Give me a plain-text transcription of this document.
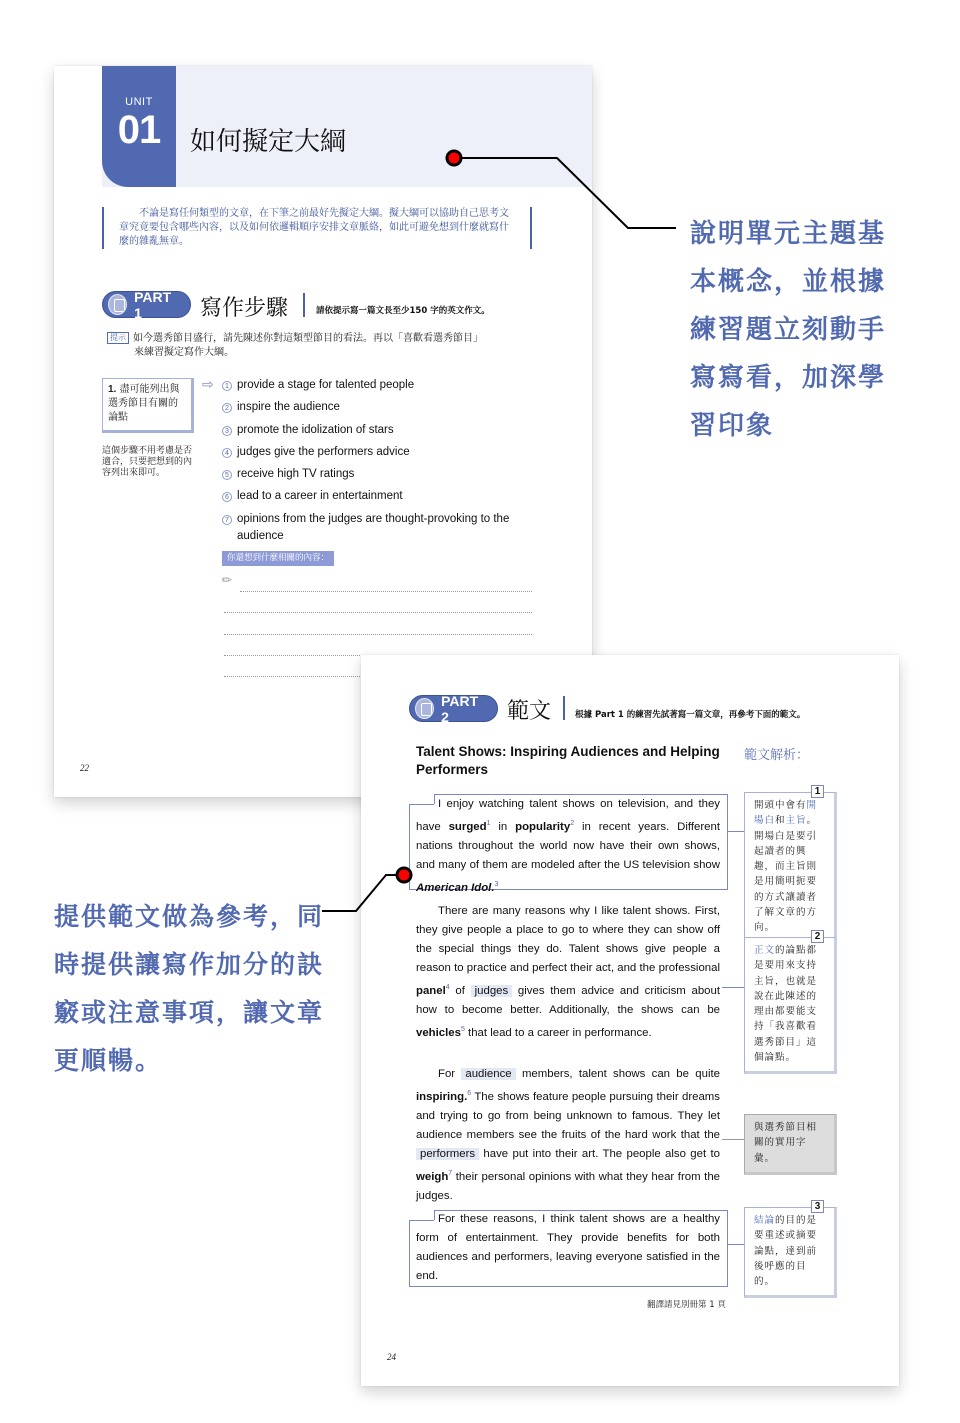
UNIT
01	如何擬定大綱

不論是寫任何類型的文章，在下筆之前最好先擬定大綱。擬大綱可以協助自己思考文章究竟要包含哪些內容，以及如何依邏輯順序安排文章脈絡，如此可避免想到什麼就寫什麼的雜亂無章。

PART 1	寫作步驟	請依提示寫一篇文長至少150 字的英文作文。
提示 如今選秀節目盛行，請先陳述你對這類型節目的看法。再以「喜歡看選秀節目」
來練習擬定寫作大綱。
1. 盡可能列出與選秀節目有關的論點
這個步驟不用考慮是否適合，只要把想到的內容列出來即可。
⇨	1 provide a stage for talented people
2 inspire the audience
3 promote the idolization of stars
4 judges give the performers advice
5 receive high TV ratings
6 lead to a career in entertainment
7 opinions from the judges are thought-provoking to the audience
你還想到什麼相關的內容：
✎
22
PART 2	範文	根據 Part 1 的練習先試著寫一篇文章，再參考下面的範文。
Talent Shows: Inspiring Audiences and Helping Performers
範文解析：
I enjoy watching talent shows on television, and they have surged$^1$ in popularity$^2$ in recent years. Different nations throughout the world now have their own shows, and many of them are modeled after the US television show American Idol.$^3$
There are many reasons why I like talent shows. First, they give people a place to go to where they can show off the special things they do. Talent shows give people a reason to practice and perfect their act, and the professional panel$^4$ of judges gives them advice and criticism about how to become better. Additionally, the shows can be vehicles$^5$ that lead to a career in performance.
For audience members, talent shows can be quite inspiring.$^6$ The shows feature people pursuing their dreams and trying to go from being unknown to famous. They let audience members see the fruits of the hard work that the performers have put into their art. The people also get to weigh$^7$ their personal opinions with what they hear from the judges.
For these reasons, I think talent shows are a healthy form of entertainment. They provide benefits for both audiences and performers, leaving everyone satisfied in the end.
1
開頭中會有開場白和主旨。開場白是要引起讀者的興趣，而主旨則是用簡明扼要的方式讓讀者了解文章的方向。
2
正文的論點都是要用來支持主旨，也就是說在此陳述的理由都要能支持「我喜歡看選秀節目」這個論點。
與選秀節目相關的實用字彙。
3
結論的目的是要重述或摘要論點，達到前後呼應的目的。
翻譯請見別冊第 1 頁
24
說明單元主題基本概念，並根據練習題立刻動手寫寫看，加深學習印象
提供範文做為參考，同時提供讓寫作加分的訣竅或注意事項，讓文章更順暢。
